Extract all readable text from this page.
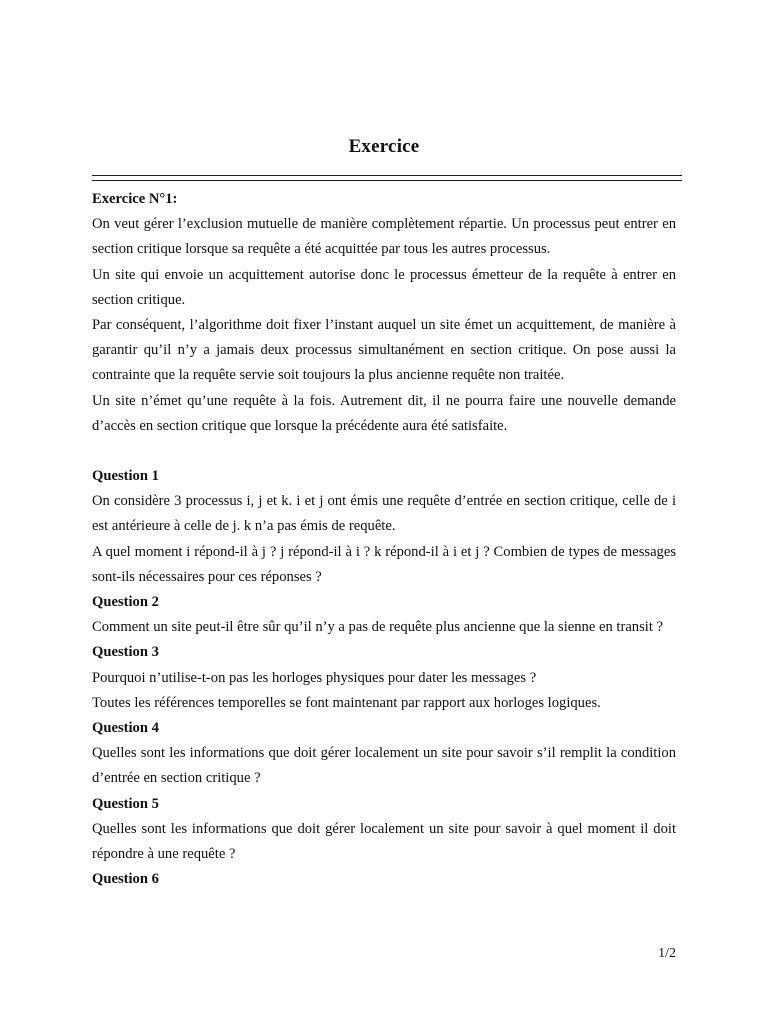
Exercice

Exercice N°1:

On veut gérer l’exclusion mutuelle de manière complètement répartie. Un processus peut entrer en section critique lorsque sa requête a été acquittée par tous les autres processus.

Un site qui envoie un acquittement autorise donc le processus émetteur de la requête à entrer en section critique.

Par conséquent, l’algorithme doit fixer l’instant auquel un site émet un acquittement, de manière à garantir qu’il n’y a jamais deux processus simultanément en section critique. On pose aussi la contrainte que la requête servie soit toujours la plus ancienne requête non traitée.

Un site n’émet qu’une requête à la fois. Autrement dit, il ne pourra faire une nouvelle demande d’accès en section critique que lorsque la précédente aura été satisfaite.

Question 1

On considère 3 processus i, j et k. i et j ont émis une requête d’entrée en section critique, celle de i est antérieure à celle de j. k n’a pas émis de requête.

A quel moment i répond-il à j ? j répond-il à i ? k répond-il à i et j ? Combien de types de messages sont-ils nécessaires pour ces réponses ?

Question 2

Comment un site peut-il être sûr qu’il n’y a pas de requête plus ancienne que la sienne en transit ?

Question 3

Pourquoi n’utilise-t-on pas les horloges physiques pour dater les messages ?

Toutes les références temporelles se font maintenant par rapport aux horloges logiques.

Question 4

Quelles sont les informations que doit gérer localement un site pour savoir s’il remplit la condition d’entrée en section critique ?

Question 5

Quelles sont les informations que doit gérer localement un site pour savoir à quel moment il doit répondre à une requête ?

Question 6

1/2
